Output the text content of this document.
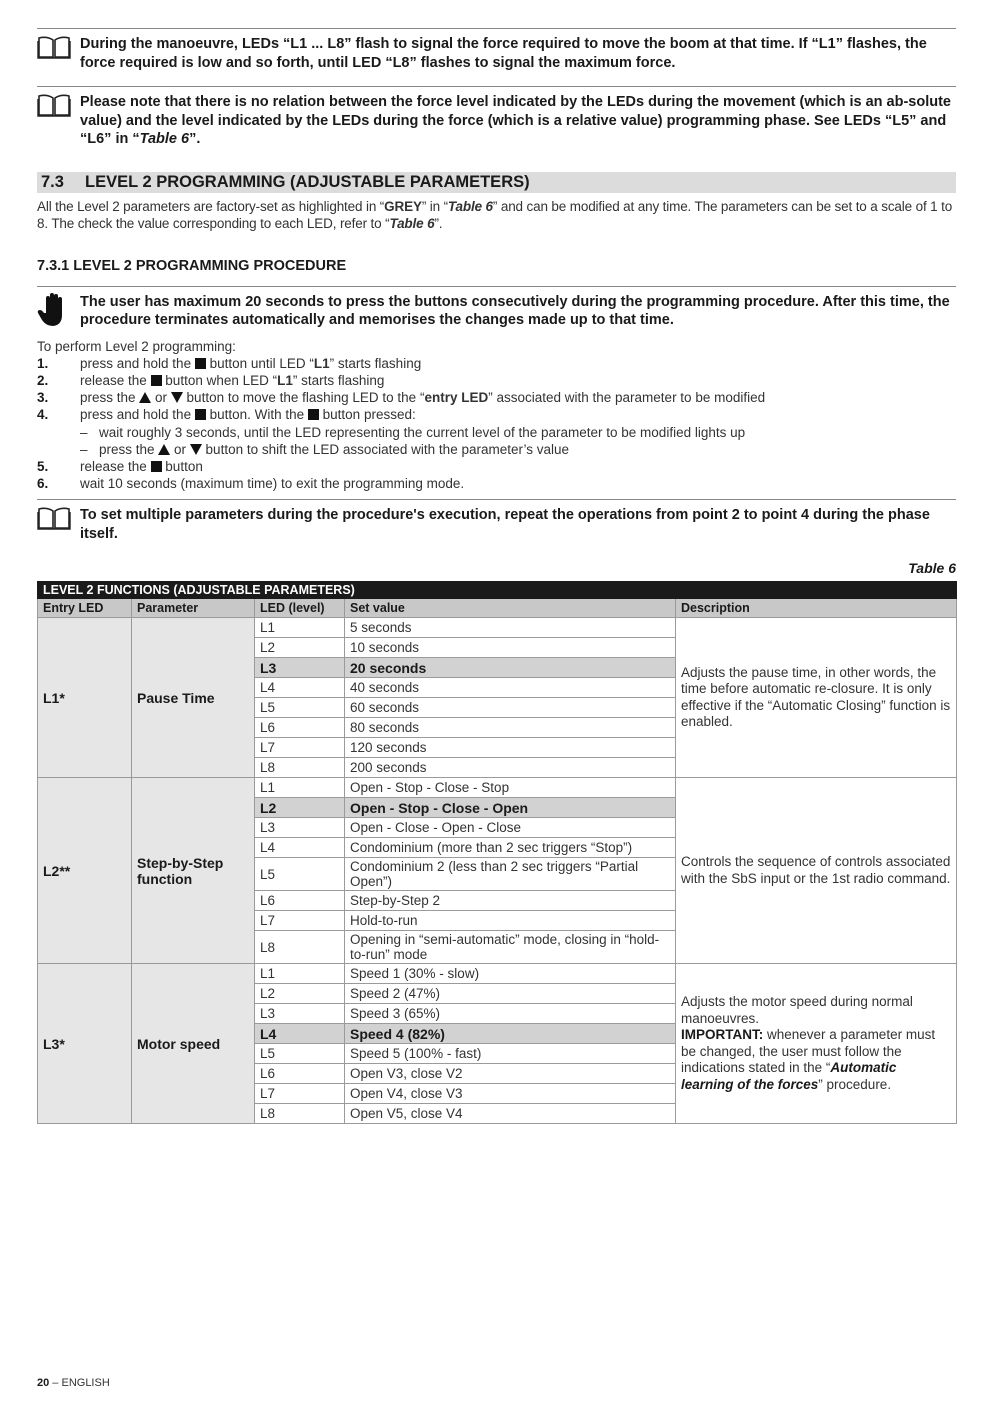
During the manoeuvre, LEDs “L1 ... L8” flash to signal the force required to move the boom at that time. If “L1” flashes, the force required is low and so forth, until LED “L8” flashes to signal the maximum force.
Please note that there is no relation between the force level indicated by the LEDs during the movement (which is an ab-solute value) and the level indicated by the LEDs during the force (which is a relative value) programming phase. See LEDs “L5” and “L6” in “Table 6”.
7.3 LEVEL 2 PROGRAMMING (ADJUSTABLE PARAMETERS)
All the Level 2 parameters are factory-set as highlighted in “GREY” in “Table 6” and can be modified at any time. The parameters can be set to a scale of 1 to 8. The check the value corresponding to each LED, refer to “Table 6”.
7.3.1 LEVEL 2 PROGRAMMING PROCEDURE
The user has maximum 20 seconds to press the buttons consecutively during the programming procedure. After this time, the procedure terminates automatically and memorises the changes made up to that time.
To perform Level 2 programming:
1.	press and hold the  button until LED “L1” starts flashing
2.	release the  button when LED “L1” starts flashing
3.	press the  or  button to move the flashing LED to the “entry LED” associated with the parameter to be modified
4.	press and hold the  button. With the  button pressed:
– wait roughly 3 seconds, until the LED representing the current level of the parameter to be modified lights up
– press the  or  button to shift the LED associated with the parameter’s value
5.	release the  button
6.	wait 10 seconds (maximum time) to exit the programming mode.
To set multiple parameters during the procedure's execution, repeat the operations from point 2 to point 4 during the phase itself.
Table 6
LEVEL 2 FUNCTIONS (ADJUSTABLE PARAMETERS)				
Entry LED	Parameter	LED (level)	Set value	Description
L1*	Pause Time	L1	5 seconds	Adjusts the pause time, in other words, the time before automatic re-closure. It is only effective if the “Automatic Closing” function is enabled.
		L2	10 seconds	
		L3	20 seconds	
		L4	40 seconds	
		L5	60 seconds	
		L6	80 seconds	
		L7	120 seconds	
		L8	200 seconds	
L2**	Step-by-Step function	L1	Open - Stop - Close - Stop	Controls the sequence of controls associated with the SbS input or the 1st radio command.
		L2	Open - Stop - Close - Open	
		L3	Open - Close - Open - Close	
		L4	Condominium (more than 2 sec triggers “Stop”)	
		L5	Condominium 2 (less than 2 sec triggers “Partial Open”)	

		L6	Step-by-Step 2	
		L7	Hold-to-run	
		L8	Opening in “semi-automatic” mode, closing in “hold-to-run” mode	

L3*	Motor speed	L1	Speed 1 (30% - slow)	Adjusts the motor speed during normal manoeuvres.
IMPORTANT: whenever a parameter must be changed, the user must follow the indications stated in the “Automatic learning of the forces” procedure.
		L2	Speed 2 (47%)	
		L3	Speed 3 (65%)	
		L4	Speed 4 (82%)	
		L5	Speed 5 (100% - fast)	
		L6	Open V3, close V2	
		L7	Open V4, close V3	
		L8	Open V5, close V4	
20 – ENGLISH
